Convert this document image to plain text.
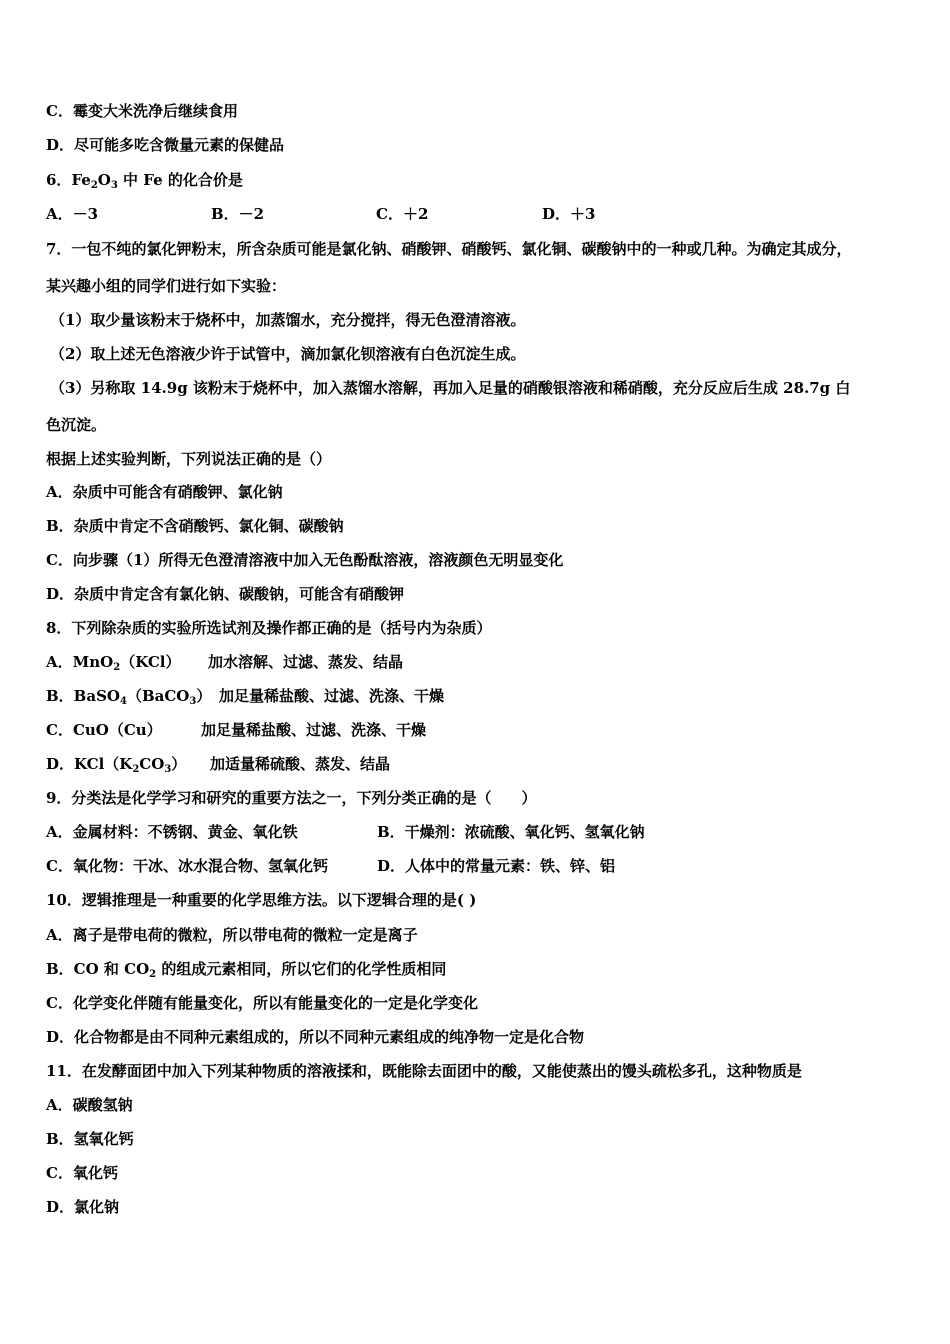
C．霉变大米洗净后继续食用

D．尽可能多吃含微量元素的保健品

6．$Fe_2O_3$ 中 Fe 的化合价是

A．－3	B．－2	C．＋2	D．＋3

7．一包不纯的氯化钾粉末，所含杂质可能是氯化钠、硝酸钾、硝酸钙、氯化铜、碳酸钠中的一种或几种。为确定其成分，

某兴趣小组的同学们进行如下实验：

（1）取少量该粉末于烧杯中，加蒸馏水，充分搅拌，得无色澄清溶液。

（2）取上述无色溶液少许于试管中，滴加氯化钡溶液有白色沉淀生成。

（3）另称取 14.9g 该粉末于烧杯中，加入蒸馏水溶解，再加入足量的硝酸银溶液和稀硝酸，充分反应后生成 28.7g 白

色沉淀。

根据上述实验判断，下列说法正确的是（）

A．杂质中可能含有硝酸钾、氯化钠

B．杂质中肯定不含硝酸钙、氯化铜、碳酸钠

C．向步骤（1）所得无色澄清溶液中加入无色酚酞溶液，溶液颜色无明显变化

D．杂质中肯定含有氯化钠、碳酸钠，可能含有硝酸钾

8．下列除杂质的实验所选试剂及操作都正确的是（括号内为杂质）

A．MnO$_2$（KCl） 加水溶解、过滤、蒸发、结晶
B．BaSO$_4$（BaCO$_3$） 加足量稀盐酸、过滤、洗涤、干燥
C．CuO（Cu）	加足量稀盐酸、过滤、洗涤、干燥
D．$KCl(K_2CO_3)$ 加适量稀硫酸、蒸发、结晶

9．分类法是化学学习和研究的重要方法之一，下列分类正确的是（　　）

A．金属材料：不锈钢、黄金、氧化铁	B．干燥剂：浓硫酸、氧化钙、氢氧化钠
C．氧化物：干冰、冰水混合物、氢氧化钙	D．人体中的常量元素：铁、锌、铝

10．逻辑推理是一种重要的化学思维方法。以下逻辑合理的是( )

A．离子是带电荷的微粒，所以带电荷的微粒一定是离子

B．CO 和 $CO_2$ 的组成元素相同，所以它们的化学性质相同

C．化学变化伴随有能量变化，所以有能量变化的一定是化学变化

D．化合物都是由不同种元素组成的，所以不同种元素组成的纯净物一定是化合物

11．在发酵面团中加入下列某种物质的溶液揉和，既能除去面团中的酸，又能使蒸出的馒头疏松多孔，这种物质是

A．碳酸氢钠

B．氢氧化钙

C．氧化钙

D．氯化钠
